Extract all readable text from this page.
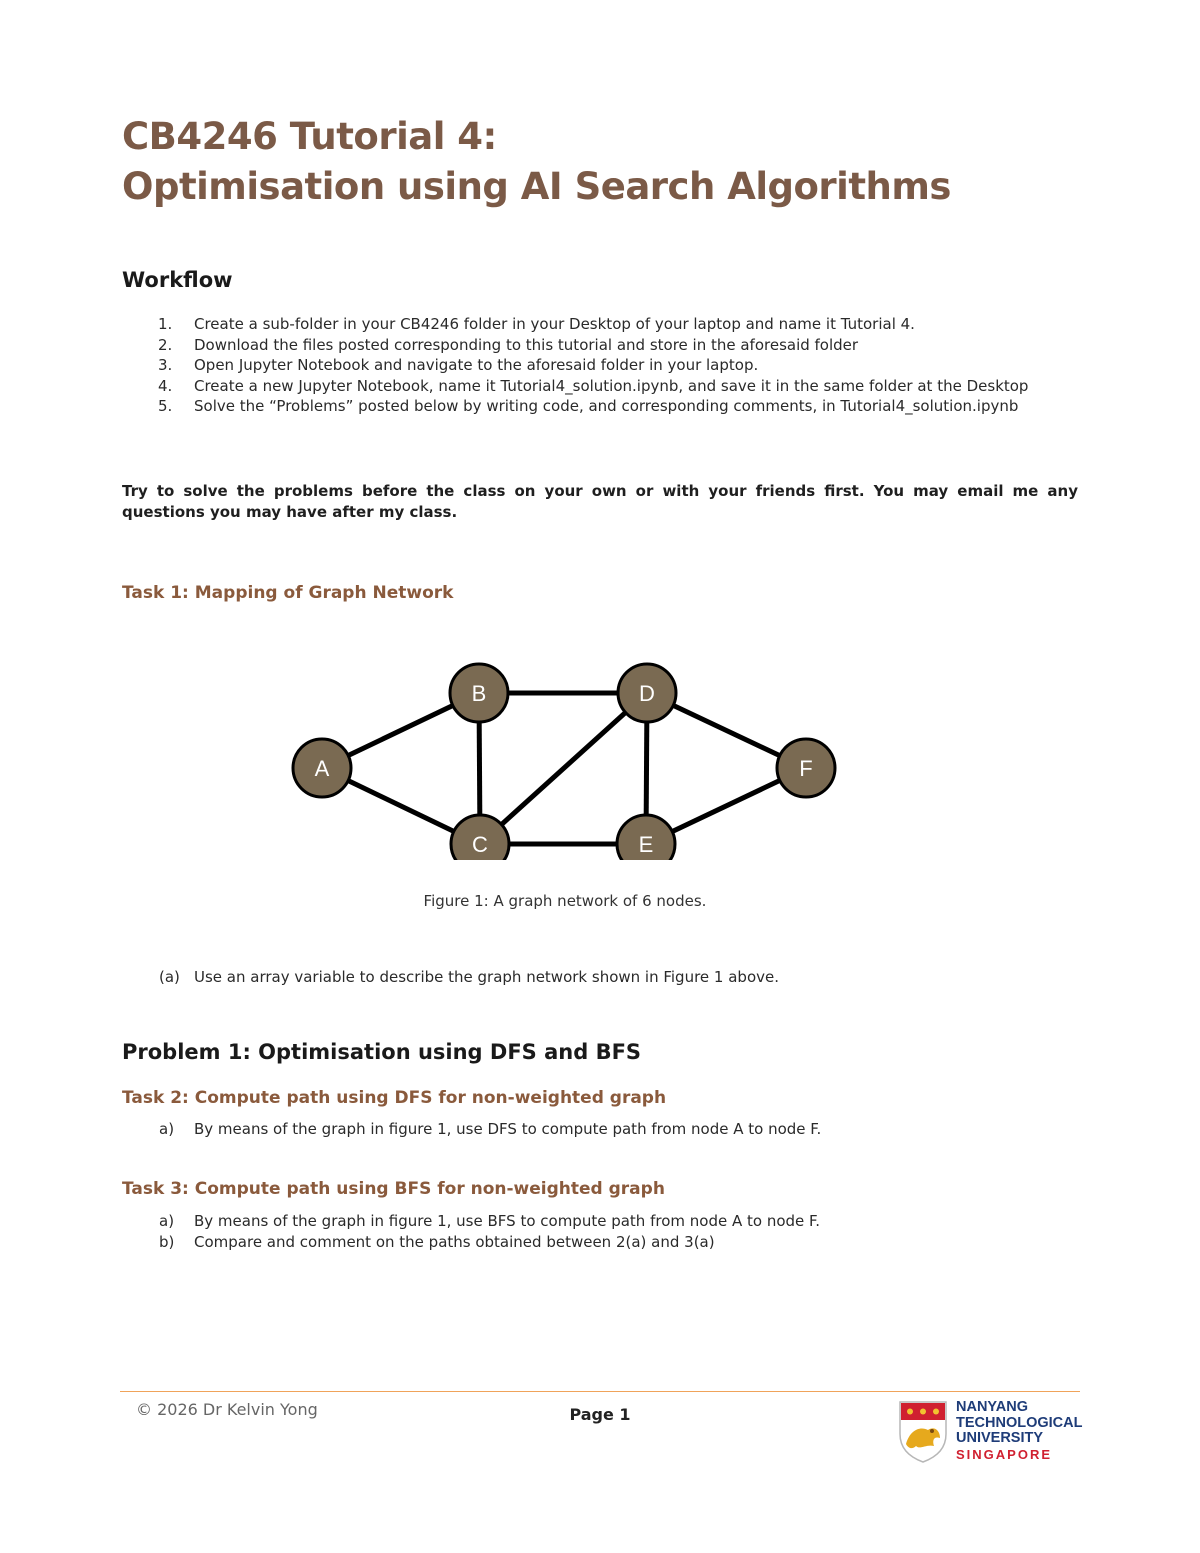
CB4246 Tutorial 4:
Optimisation using AI Search Algorithms
Workflow
1. Create a sub-folder in your CB4246 folder in your Desktop of your laptop and name it Tutorial 4.
2. Download the files posted corresponding to this tutorial and store in the aforesaid folder
3. Open Jupyter Notebook and navigate to the aforesaid folder in your laptop.
4. Create a new Jupyter Notebook, name it Tutorial4_solution.ipynb, and save it in the same folder at the Desktop
5. Solve the “Problems” posted below by writing code, and corresponding comments, in Tutorial4_solution.ipynb
Try to solve the problems before the class on your own or with your friends first. You may email me any questions you may have after my class.
Task 1: Mapping of Graph Network
A
B
C
D
E
F
Figure 1: A graph network of 6 nodes.
(a) Use an array variable to describe the graph network shown in Figure 1 above.
Problem 1: Optimisation using DFS and BFS
Task 2: Compute path using DFS for non-weighted graph
a) By means of the graph in figure 1, use DFS to compute path from node A to node F.
Task 3: Compute path using BFS for non-weighted graph
a) By means of the graph in figure 1, use BFS to compute path from node A to node F.
b) Compare and comment on the paths obtained between 2(a) and 3(a)
© 2026 Dr Kelvin Yong	Page 1	NANYANG
TECHNOLOGICAL
UNIVERSITY
SINGAPORE
